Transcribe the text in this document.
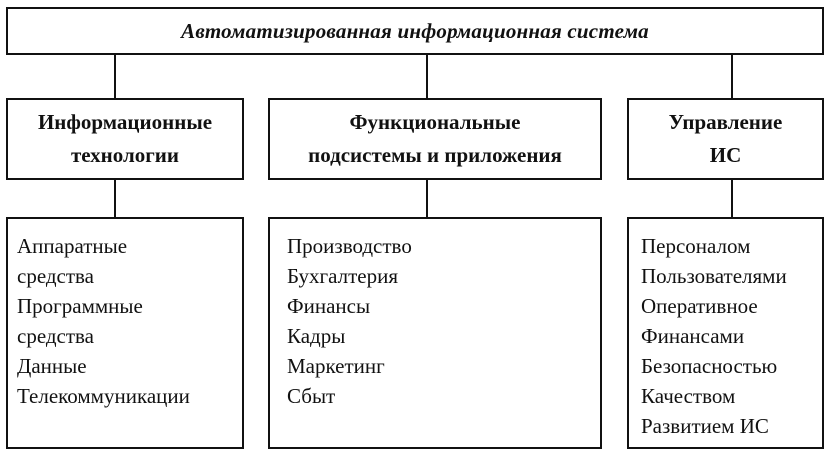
Автоматизированная информационная система
Информационные
технологии
Функциональные
подсистемы и приложения
Управление
ИС
Аппаратные
средства
Программные
средства
Данные
Телекоммуникации
Производство
Бухгалтерия
Финансы
Кадры
Маркетинг
Сбыт
Персоналом
Пользователями
Оперативное
Финансами
Безопасностью
Качеством
Развитием ИС
